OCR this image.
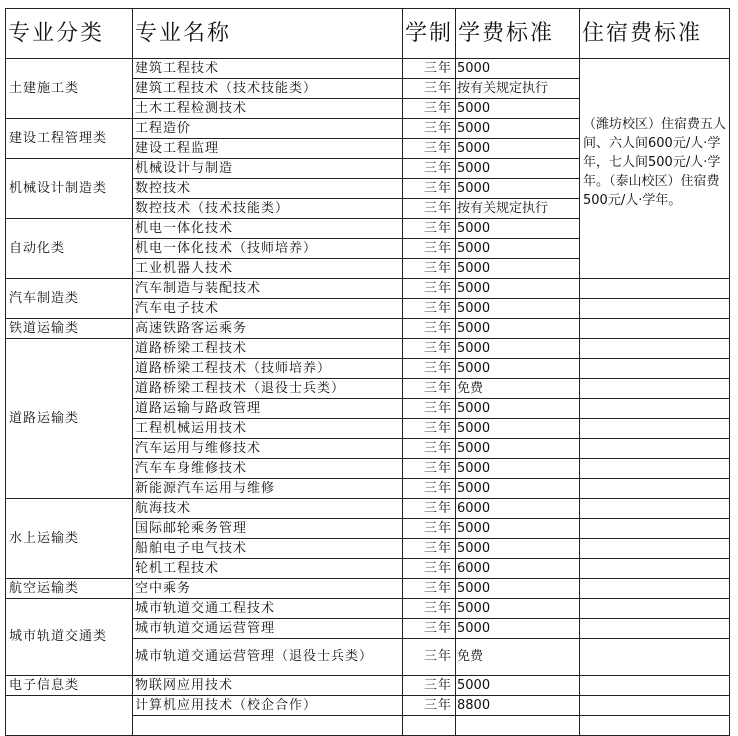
专业分类	专业名称	学制	学费标准	住宿费标准
土建施工类	建筑工程技术	三年	5000	（潍坊校区）住宿费五人间、六人间600元/人·学年，七人间500元/人·学年。（泰山校区）住宿费500元/人·学年。
	建筑工程技术（技术技能类）	三年	按有关规定执行	
	土木工程检测技术	三年	5000	
建设工程管理类	工程造价	三年	5000	
	建设工程监理	三年	5000	
机械设计制造类	机械设计与制造	三年	5000	
	数控技术	三年	5000	
	数控技术（技术技能类）	三年	按有关规定执行	
自动化类	机电一体化技术	三年	5000	
	机电一体化技术（技师培养）	三年	5000	
	工业机器人技术	三年	5000	
汽车制造类	汽车制造与装配技术	三年	5000	
	汽车电子技术	三年	5000	
铁道运输类	高速铁路客运乘务	三年	5000	
道路运输类	道路桥梁工程技术	三年	5000	
	道路桥梁工程技术（技师培养）	三年	5000	
	道路桥梁工程技术（退役士兵类）	三年	免费	
	道路运输与路政管理	三年	5000	
	工程机械运用技术	三年	5000	
	汽车运用与维修技术	三年	5000	
	汽车车身维修技术	三年	5000	
	新能源汽车运用与维修	三年	5000	
水上运输类	航海技术	三年	6000	
	国际邮轮乘务管理	三年	5000	
	船舶电子电气技术	三年	5000	
	轮机工程技术	三年	6000	
航空运输类	空中乘务	三年	5000	
城市轨道交通类	城市轨道交通工程技术	三年	5000	
	城市轨道交通运营管理	三年	5000	
	城市轨道交通运营管理（退役士兵类）	三年	免费	
电子信息类	物联网应用技术	三年	5000	
	计算机应用技术（校企合作）	三年	8800	
